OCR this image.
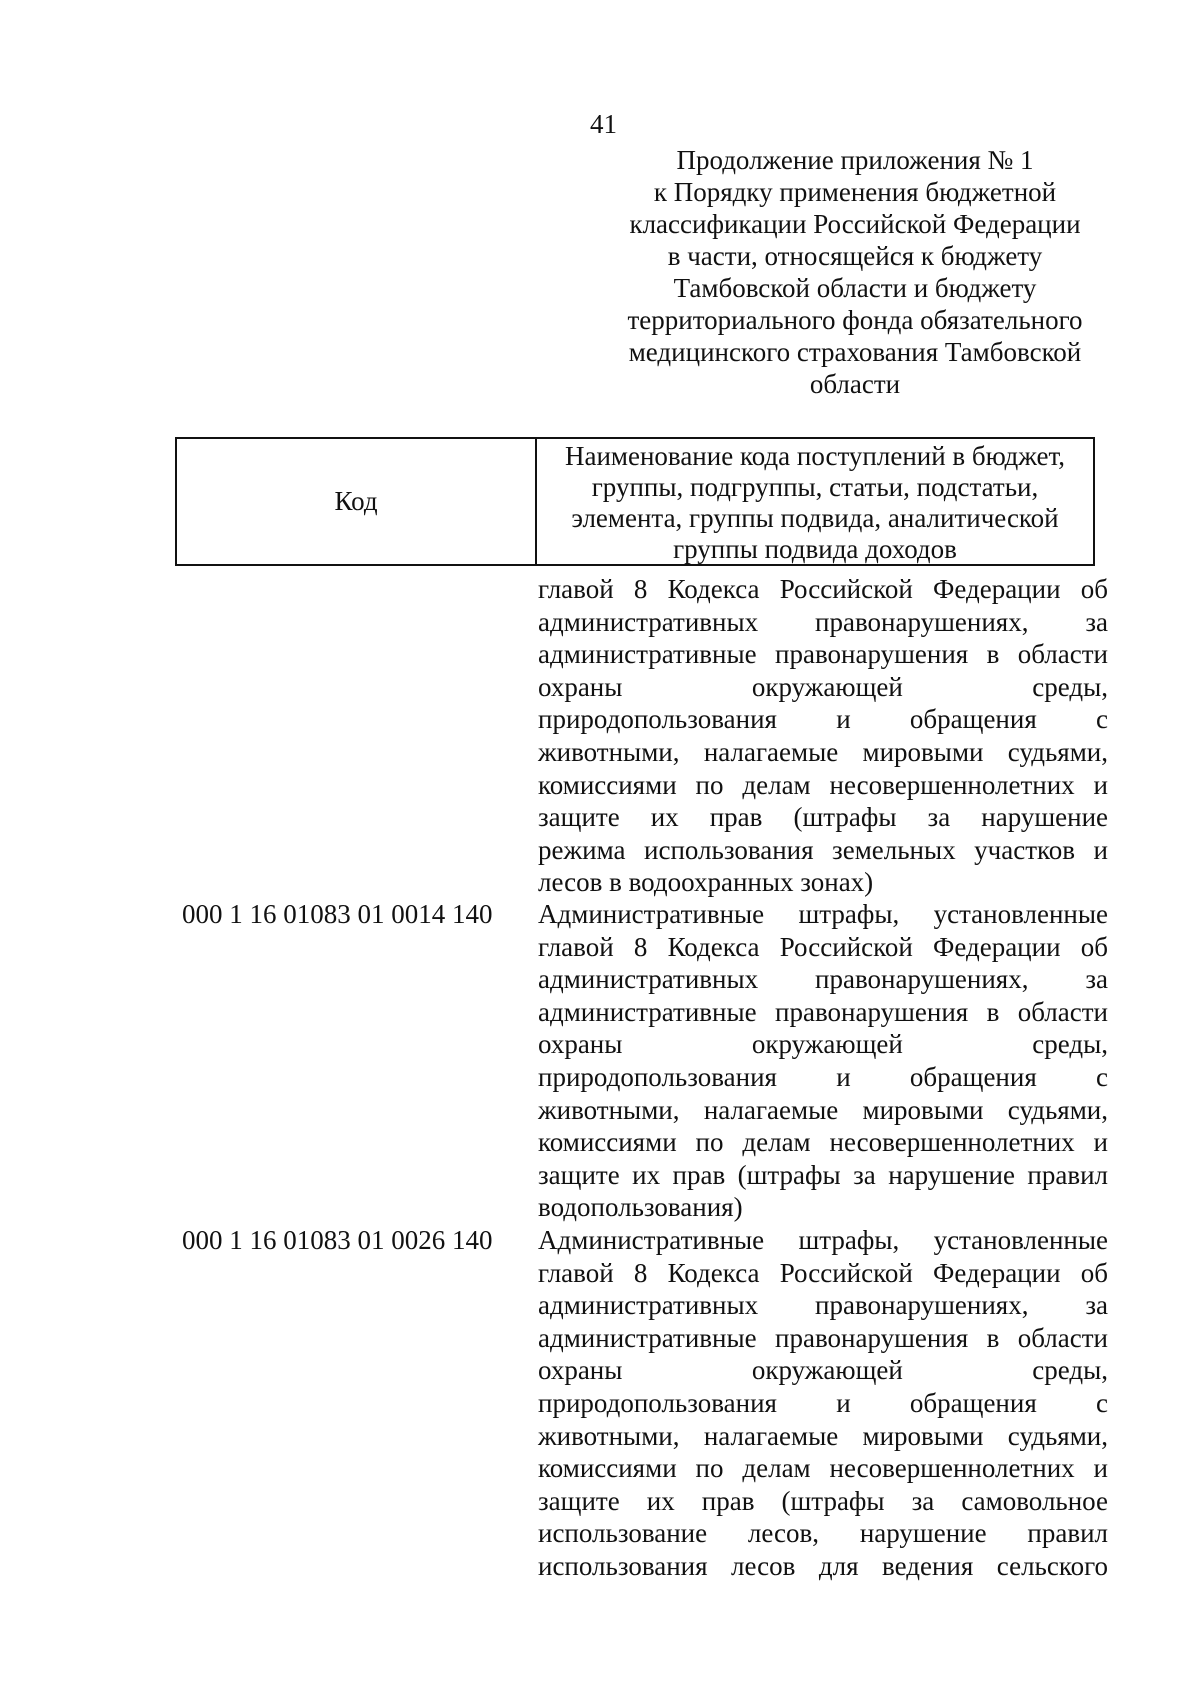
41
Продолжение приложения № 1
к Порядку применения бюджетной
классификации Российской Федерации
в части, относящейся к бюджету
Тамбовской области и бюджету
территориального фонда обязательного
медицинского страхования Тамбовской
области
Код
Наименование кода поступлений в бюджет,
группы, подгруппы, статьи, подстатьи,
элемента, группы подвида, аналитической
группы подвида доходов
главой 8 Кодекса Российской Федерации об
административных правонарушениях, за
административные правонарушения в области
охраны окружающей среды,
природопользования и обращения с
животными, налагаемые мировыми судьями,
комиссиями по делам несовершеннолетних и
защите их прав (штрафы за нарушение
режима использования земельных участков и
лесов в водоохранных зонах)
000 1 16 01083 01 0014 140	Административные штрафы, установленные
главой 8 Кодекса Российской Федерации об
административных правонарушениях, за
административные правонарушения в области
охраны окружающей среды,
природопользования и обращения с
животными, налагаемые мировыми судьями,
комиссиями по делам несовершеннолетних и
защите их прав (штрафы за нарушение правил
водопользования)
000 1 16 01083 01 0026 140	Административные штрафы, установленные
главой 8 Кодекса Российской Федерации об
административных правонарушениях, за
административные правонарушения в области
охраны окружающей среды,
природопользования и обращения с
животными, налагаемые мировыми судьями,
комиссиями по делам несовершеннолетних и
защите их прав (штрафы за самовольное
использование лесов, нарушение правил
использования лесов для ведения сельского
